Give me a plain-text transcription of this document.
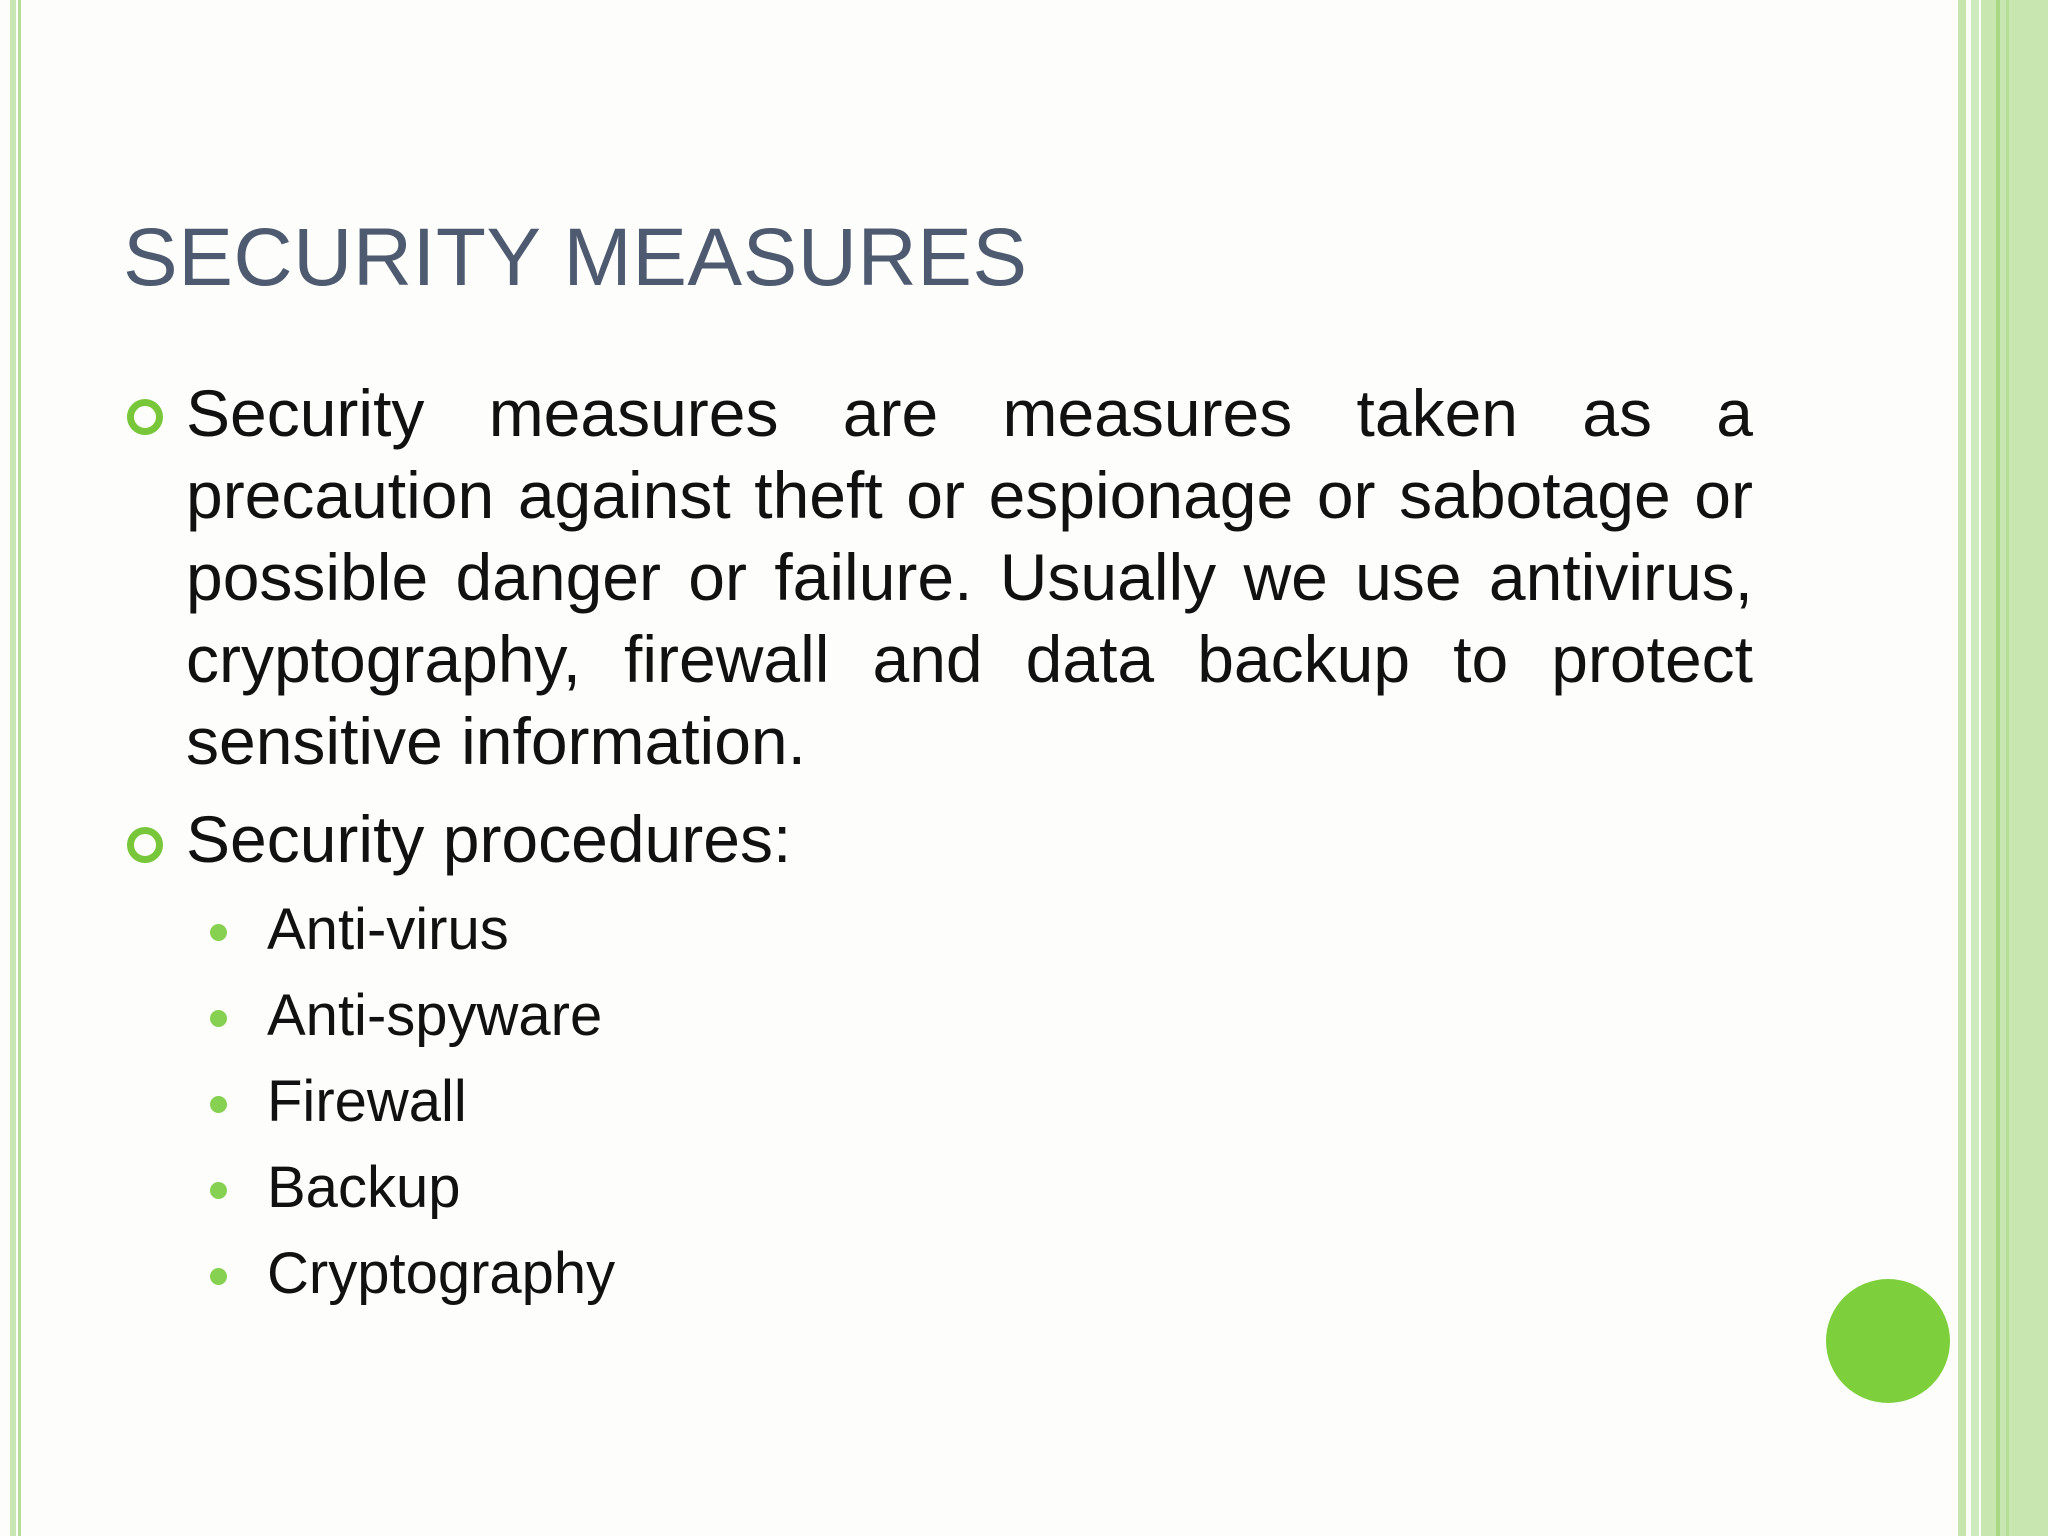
SECURITY MEASURES
Security measures are measures taken as a precaution against theft or espionage or sabotage or possible danger or failure. Usually we use antivirus, cryptography, firewall and data backup to protect sensitive information.
Security procedures:
Anti-virus
Anti-spyware
Firewall
Backup
Cryptography
